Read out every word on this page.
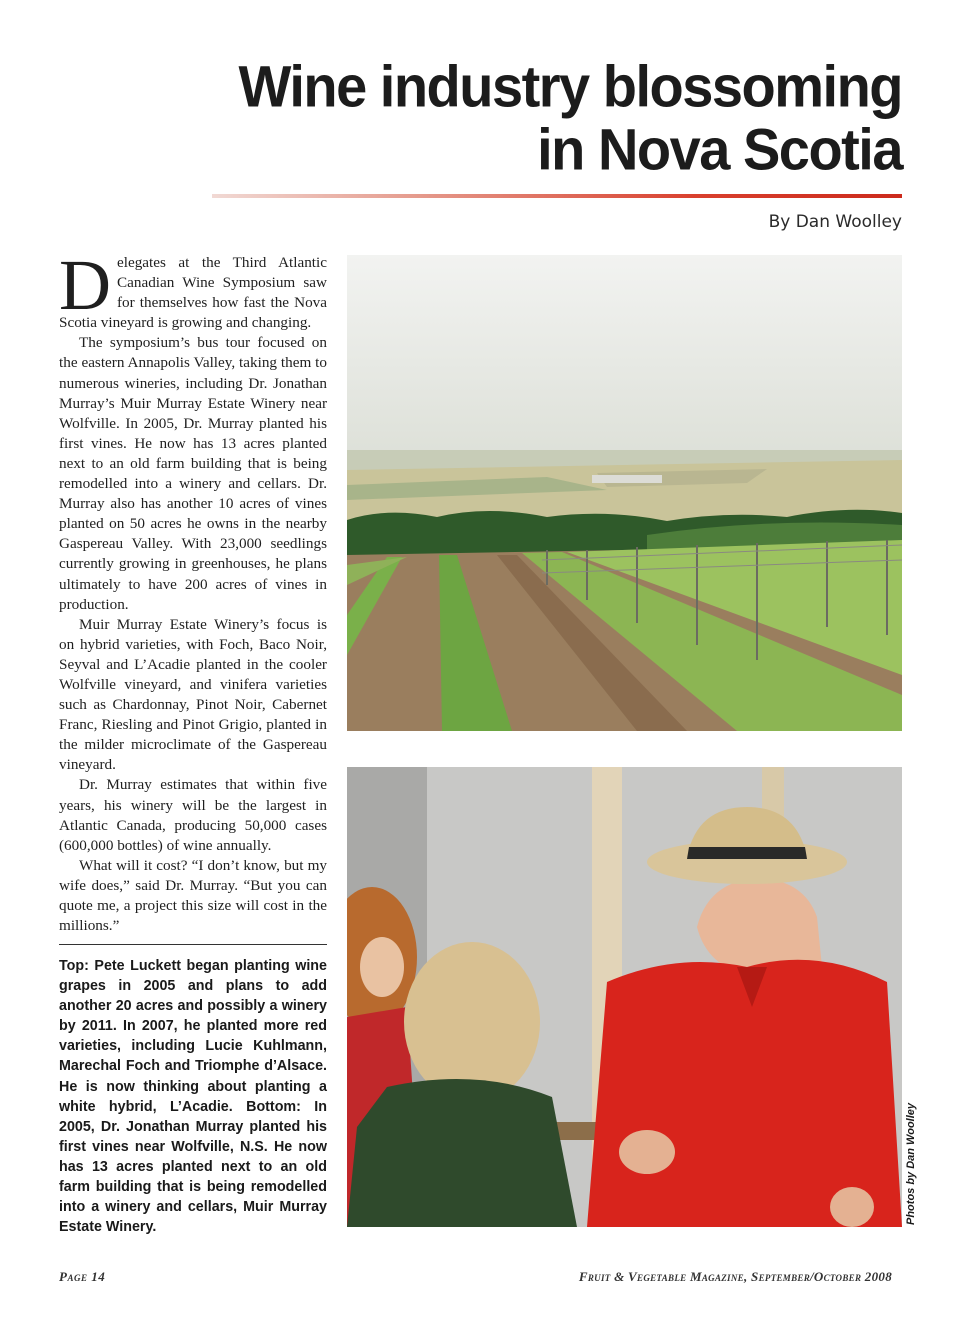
Wine industry blossoming
in Nova Scotia
By Dan Woolley

Delegates at the Third Atlantic Canadian Wine Symposium saw for themselves how fast the Nova Scotia vineyard is growing and changing.

The symposium’s bus tour focused on the eastern Annapolis Valley, taking them to numerous wineries, including Dr. Jonathan Murray’s Muir Murray Estate Winery near Wolfville. In 2005, Dr. Murray planted his first vines. He now has 13 acres planted next to an old farm building that is being remodelled into a winery and cellars. Dr. Murray also has another 10 acres of vines planted on 50 acres he owns in the nearby Gaspereau Valley. With 23,000 seedlings currently growing in greenhouses, he plans ultimately to have 200 acres of vines in production.

Muir Murray Estate Winery’s focus is on hybrid varieties, with Foch, Baco Noir, Seyval and L’Acadie planted in the cooler Wolfville vineyard, and vinifera varieties such as Chardonnay, Pinot Noir, Cabernet Franc, Riesling and Pinot Grigio, planted in the milder microclimate of the Gaspereau vineyard.

Dr. Murray estimates that within five years, his winery will be the largest in Atlantic Canada, producing 50,000 cases (600,000 bottles) of wine annually.

What will it cost? “I don’t know, but my wife does,” said Dr. Murray. “But you can quote me, a project this size will cost in the millions.”

Top: Pete Luckett began planting wine grapes in 2005 and plans to add another 20 acres and possibly a winery by 2011. In 2007, he planted more red varieties, including Lucie Kuhlmann, Marechal Foch and Triomphe d’Alsace. He is now thinking about planting a white hybrid, L’Acadie. Bottom: In 2005, Dr. Jonathan Murray planted his first vines near Wolfville, N.S. He now has 13 acres planted next to an old farm building that is being remodelled into a winery and cellars, Muir Murray Estate Winery.

Photos by Dan Woolley
Page 14	Fruit & Vegetable Magazine, September/October 2008
